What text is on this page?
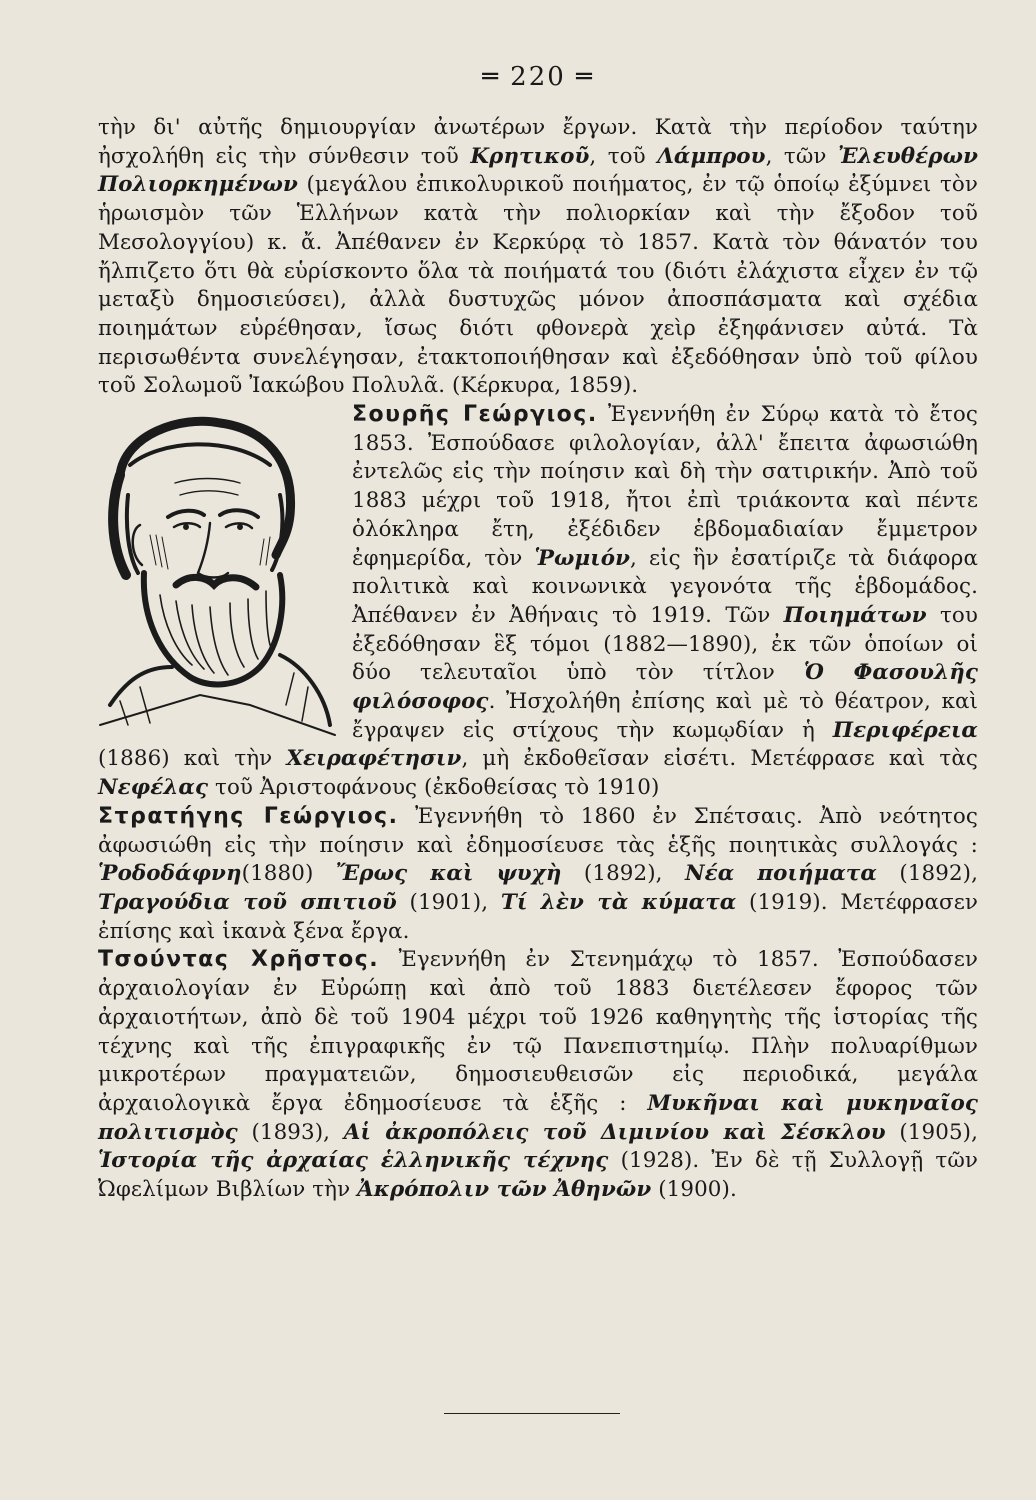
═ 220 ═

τὴν δι' αὐτῆς δημιουργίαν ἀνωτέρων ἔργων. Κατὰ τὴν περίοδον ταύτην ἠσχολήθη εἰς τὴν σύνθεσιν τοῦ Κρητικοῦ, τοῦ Λάμπρου, τῶν Ἐλευθέρων Πολιορκημένων (μεγάλου ἐπικολυρικοῦ ποιήματος, ἐν τῷ ὁποίῳ ἐξύμνει τὸν ἡρωισμὸν τῶν Ἑλλήνων κατὰ τὴν πολιορκίαν καὶ τὴν ἔξοδον τοῦ Μεσολογγίου) κ. ἄ. Ἀπέθανεν ἐν Κερκύρᾳ τὸ 1857. Κατὰ τὸν θάνατόν του ἤλπιζετο ὅτι θὰ εὑρίσκοντο ὅλα τὰ ποιήματά του (διότι ἐλάχιστα εἶχεν ἐν τῷ μεταξὺ δημοσιεύσει), ἀλλὰ δυστυχῶς μόνον ἀποσπάσματα καὶ σχέδια ποιημάτων εὑρέθησαν, ἴσως διότι φθονερὰ χεὶρ ἐξηφάνισεν αὐτά. Τὰ περισωθέντα συνελέγησαν, ἐτακτοποιήθησαν καὶ ἐξεδόθησαν ὑπὸ τοῦ φίλου τοῦ Σολωμοῦ Ἰακώβου Πολυλᾶ. (Κέρκυρα, 1859).

Σουρῆς Γεώργιος. Ἐγεννήθη ἐν Σύρῳ κατὰ τὸ ἔτος 1853. Ἐσπούδασε φιλολογίαν, ἀλλ' ἔπειτα ἀφωσιώθη ἐντελῶς εἰς τὴν ποίησιν καὶ δὴ τὴν σατιρικήν. Ἀπὸ τοῦ 1883 μέχρι τοῦ 1918, ἤτοι ἐπὶ τριάκοντα καὶ πέντε ὁλόκληρα ἔτη, ἐξέδιδεν ἑβδομαδιαίαν ἔμμετρον ἐφημερίδα, τὸν Ῥωμιόν, εἰς ἣν ἐσατίριζε τὰ διάφορα πολιτικὰ καὶ κοινωνικὰ γεγονότα τῆς ἑβδομάδος. Ἀπέθανεν ἐν Ἀθήναις τὸ 1919. Τῶν Ποιημάτων του ἐξεδόθησαν ἓξ τόμοι (1882—1890), ἐκ τῶν ὁποίων οἱ δύο τελευταῖοι ὑπὸ τὸν τίτλον Ὁ Φασουλῆς φιλόσοφος. Ἠσχολήθη ἐπίσης καὶ μὲ τὸ θέατρον, καὶ ἔγραψεν εἰς στίχους τὴν κωμῳδίαν ἡ Περιφέρεια (1886) καὶ τὴν Χειραφέτησιν, μὴ ἐκδοθεῖσαν εἰσέτι. Μετέφρασε καὶ τὰς Νεφέλας τοῦ Ἀριστοφάνους (ἐκδοθείσας τὸ 1910)

Στρατήγης Γεώργιος. Ἐγεννήθη τὸ 1860 ἐν Σπέτσαις. Ἀπὸ νεότητος ἀφωσιώθη εἰς τὴν ποίησιν καὶ ἐδημοσίευσε τὰς ἑξῆς ποιητικὰς συλλογάς : Ῥοδοδάφνη(1880) Ἔρως καὶ ψυχὴ (1892), Νέα ποιήματα (1892), Τραγούδια τοῦ σπιτιοῦ (1901), Τί λὲν τὰ κύματα (1919). Μετέφρασεν ἐπίσης καὶ ἱκανὰ ξένα ἔργα.

Τσούντας Χρῆστος. Ἐγεννήθη ἐν Στενημάχῳ τὸ 1857. Ἐσπούδασεν ἀρχαιολογίαν ἐν Εὐρώπῃ καὶ ἀπὸ τοῦ 1883 διετέλεσεν ἔφορος τῶν ἀρχαιοτήτων, ἀπὸ δὲ τοῦ 1904 μέχρι τοῦ 1926 καθηγητὴς τῆς ἱστορίας τῆς τέχνης καὶ τῆς ἐπιγραφικῆς ἐν τῷ Πανεπιστημίῳ. Πλὴν πολυαρίθμων μικροτέρων πραγματειῶν, δημοσιευθεισῶν εἰς περιοδικά, μεγάλα ἀρχαιολογικὰ ἔργα ἐδημοσίευσε τὰ ἑξῆς : Μυκῆναι καὶ μυκηναῖος πολιτισμὸς (1893), Αἱ ἀκροπόλεις τοῦ Διμινίου καὶ Σέσκλου (1905), Ἱστορία τῆς ἀρχαίας ἑλληνικῆς τέχνης (1928). Ἐν δὲ τῇ Συλλογῇ τῶν Ὠφελίμων Βιβλίων τὴν Ἀκρόπολιν τῶν Ἀθηνῶν (1900).
